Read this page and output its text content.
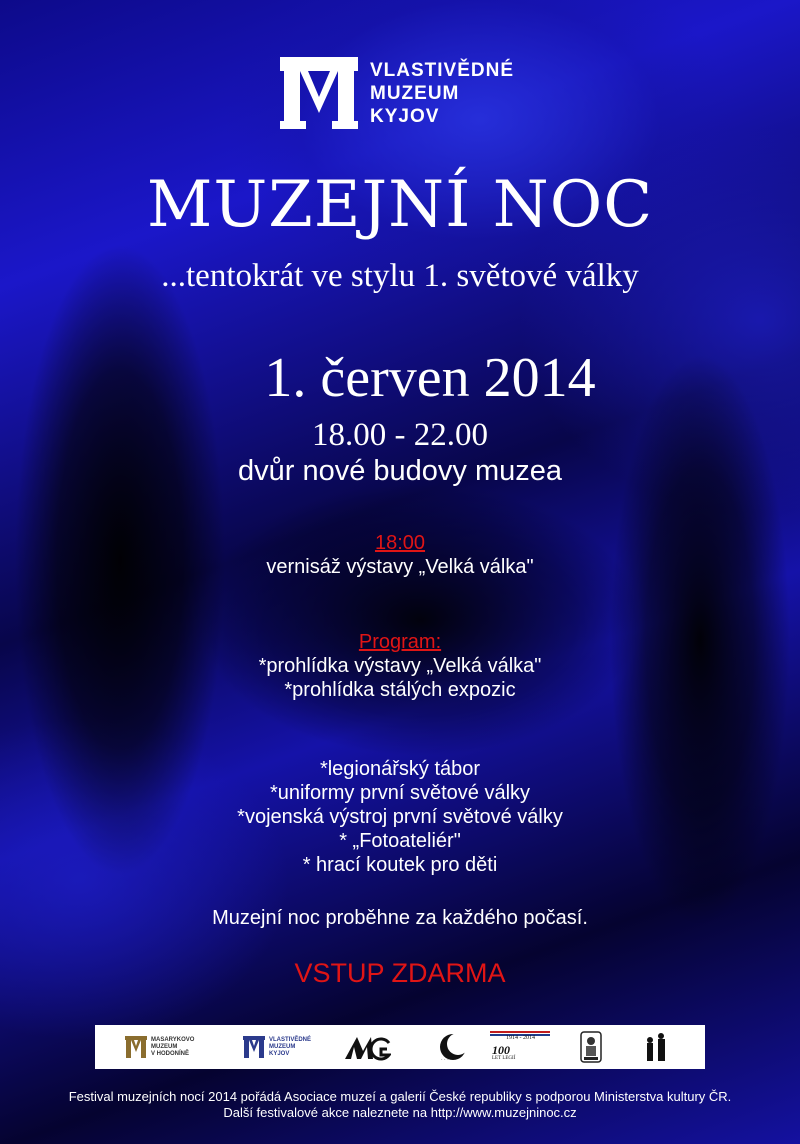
VLASTIVĚDNÉ
MUZEUM
KYJOV
MUZEJNÍ NOC
...tentokrát ve stylu 1. světové války
1. červen 2014
18.00 - 22.00
dvůr nové budovy muzea
18:00
vernisáž výstavy „Velká válka"
Program:
*prohlídka výstavy „Velká válka"
*prohlídka stálých expozic
*legionářský tábor
*uniformy první světové války
*vojenská výstroj první světové války
* „Fotoateliér"
* hrací koutek pro děti
Muzejní noc proběhne za každého počasí.
VSTUP ZDARMA
MASARYKOVO
MUZEUM
V HODONÍNĚ
VLASTIVĚDNÉ
MUZEUM
KYJOV
· · · ·
1914 - 2014
100
LET LEGIÍ
Festival muzejních nocí 2014 pořádá Asociace muzeí a galerií České republiky s podporou Ministerstva kultury ČR.
Další festivalové akce naleznete na http://www.muzejninoc.cz
